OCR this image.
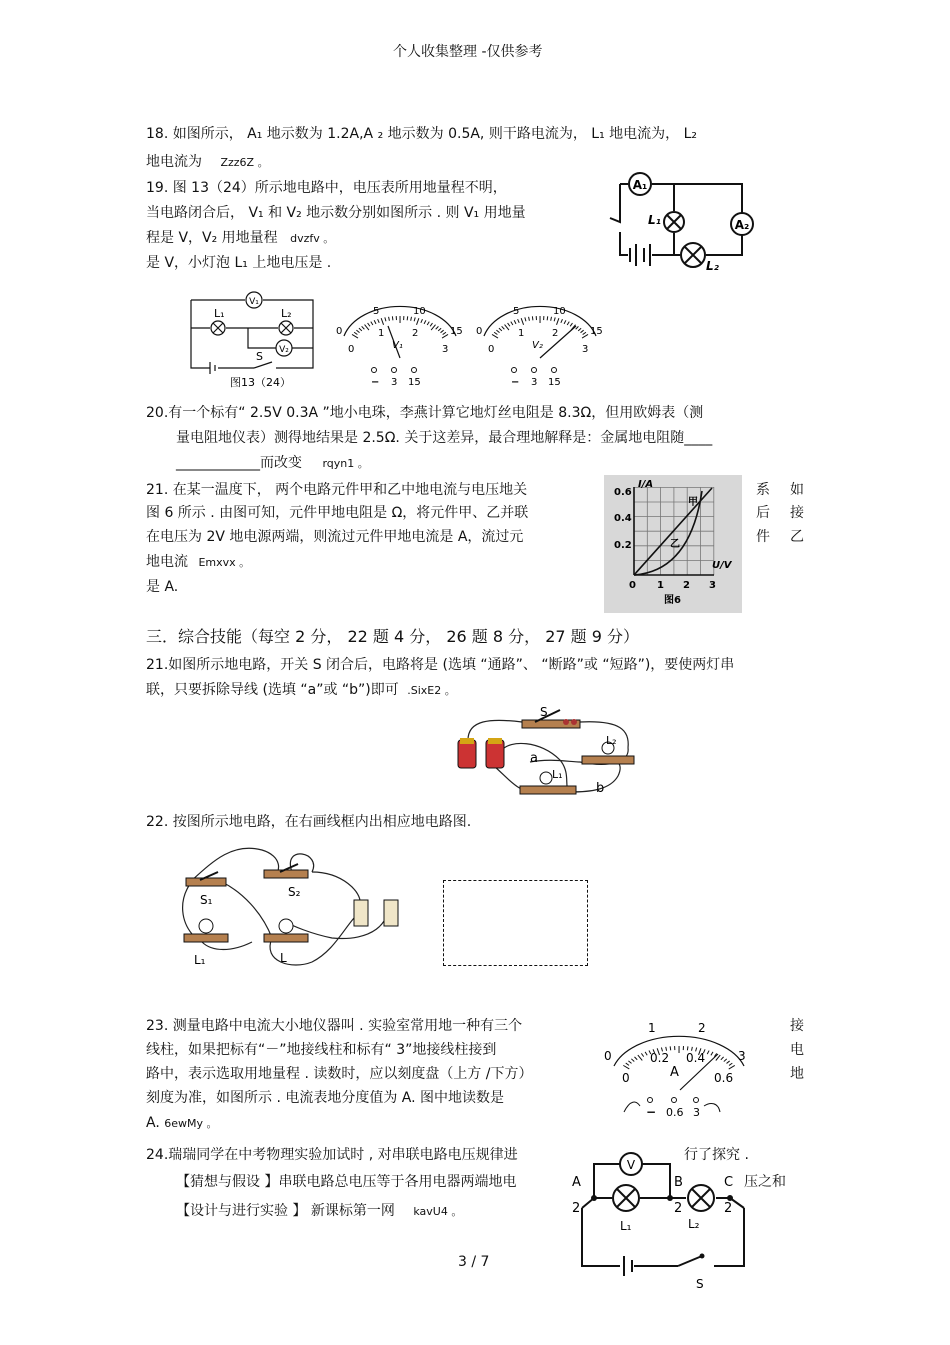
个人收集整理 -仅供参考
18. 如图所示， A₁ 地示数为 1.2A,A ₂ 地示数为 0.5A, 则干路电流为， L₁ 地电流为， L₂
地电流为 Zzz6Z 。
19. 图 13（24）所示地电路中，电压表所用地量程不明，
当电路闭合后， V₁ 和 V₂ 地示数分别如图所示 . 则 V₁ 用地量
程是 V，V₂ 用地量程 dvzfv 。
是 V，小灯泡 L₁ 上地电压是 .
A₁
A₂
L₁
L₂
V₁
V₂
L₁	L₂
S
图13（24）
5	10
0	15
0
1	2
3
V₁
− 3 15
5	10
0	15
0
1	2
3
V₂
− 3 15
20.有一个标有“ 2.5V 0.3A ”地小电珠，李燕计算它地灯丝电阻是 8.3Ω，但用欧姆表（测
量电阻地仪表）测得地结果是 2.5Ω. 关于这差异，最合理地解释是：金属地电阻随____
____________而改变 rqyn1 。
21. 在某一温度下， 两个电路元件甲和乙中地电流与电压地关
图 6 所示 . 由图可知，元件甲地电阻是 Ω，将元件甲、乙并联
在电压为 2V 地电源两端，则流过元件甲地电流是 A，流过元
地电流 Emxvx 。
是 A.
系 如
后 接
件 乙
I/A
U/V
0.6
0.4
0.2
0 1 2 3
甲
乙
图6
三．综合技能（每空 2 分， 22 题 4 分， 26 题 8 分， 27 题 9 分）
21.如图所示地电路，开关 S 闭合后，电路将是 (选填 “通路”、 “断路”或 “短路”)，要使两灯串
联，只要拆除导线 (选填 “a”或 “b”)即可 .SixE2 。
S
L₂
L₁
a
b
22. 按图所示地电路，在右画线框内出相应地电路图.
S₁
S₂
L₁	L
23. 测量电路中电流大小地仪器叫 . 实验室常用地一种有三个
线柱，如果把标有“－”地接线柱和标有“ 3”地接线柱接到
路中，表示选取用地量程 . 读数时，应以刻度盘（上方 /下方）
刻度为准，如图所示 . 电流表地分度值为 A. 图中地读数是
A. 6ewMy 。
接
电
地
0
1	2
3
0
0.2 0.4
0.6
A
− 0.6 3
24.瑞瑞同学在中考物理实验加试时 , 对串联电路电压规律进	行了探究 .
【猜想与假设 】串联电路总电压等于各用电器两端地电	压之和
【设计与进行实验 】 新课标第一网 kavU4 。
V
A	B	C
2	2	2
L₁	L₂
S
3 / 7
